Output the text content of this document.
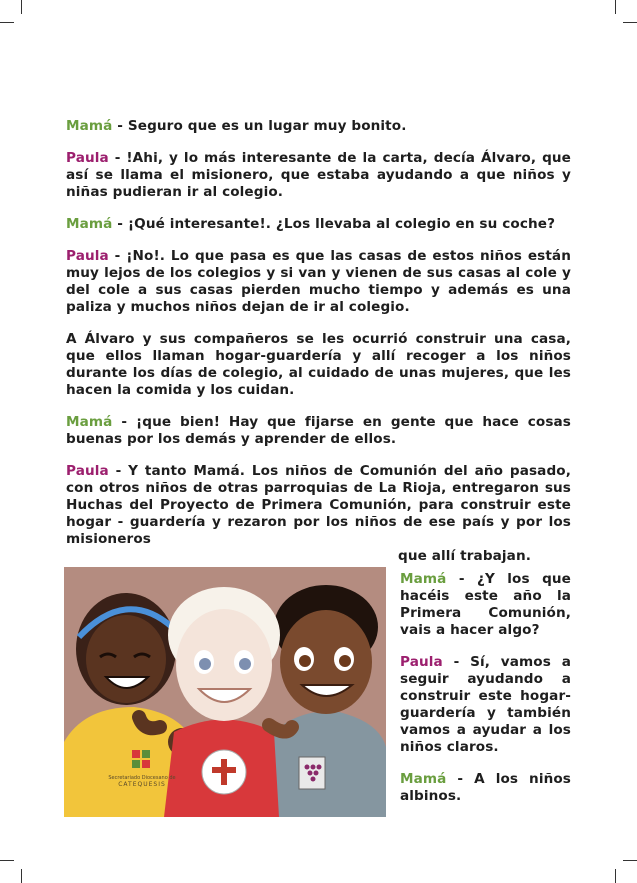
Mamá - Seguro que es un lugar muy bonito.

Paula - !Ahi, y lo más interesante de la carta, decía Álvaro, que así se llama el misionero, que estaba ayudando a que niños y niñas pudieran ir al colegio.

Mamá - ¡Qué interesante!. ¿Los llevaba al colegio en su coche?

Paula - ¡No!. Lo que pasa es que las casas de estos niños están muy lejos de los colegios y si van y vienen de sus casas al cole y del cole a sus casas pierden mucho tiempo y además es una paliza y muchos niños dejan de ir al colegio.

A Álvaro y sus compañeros se les ocurrió construir una casa, que ellos llaman hogar-guardería y allí recoger a los niños durante los días de colegio, al cuidado de unas mujeres, que les hacen la comida y los cuidan.

Mamá - ¡que bien! Hay que fijarse en gente que hace cosas buenas por los demás y aprender de ellos.

Paula - Y tanto Mamá. Los niños de Comunión del año pasado, con otros niños de otras parroquias de La Rioja, entregaron sus Huchas del Proyecto de Primera Comunión, para construir este hogar - guardería y rezaron por los niños de ese país y por los misioneros
que allí trabajan.

Secretariado Diocesano de
CATEQUESIS

Mamá - ¿Y los que hacéis este año la Primera Comunión, vais a hacer algo?

Paula - Sí, vamos a seguir ayudando a construir este hogar-guardería y también vamos a ayudar a los niños claros.

Mamá - A los niños albinos.
